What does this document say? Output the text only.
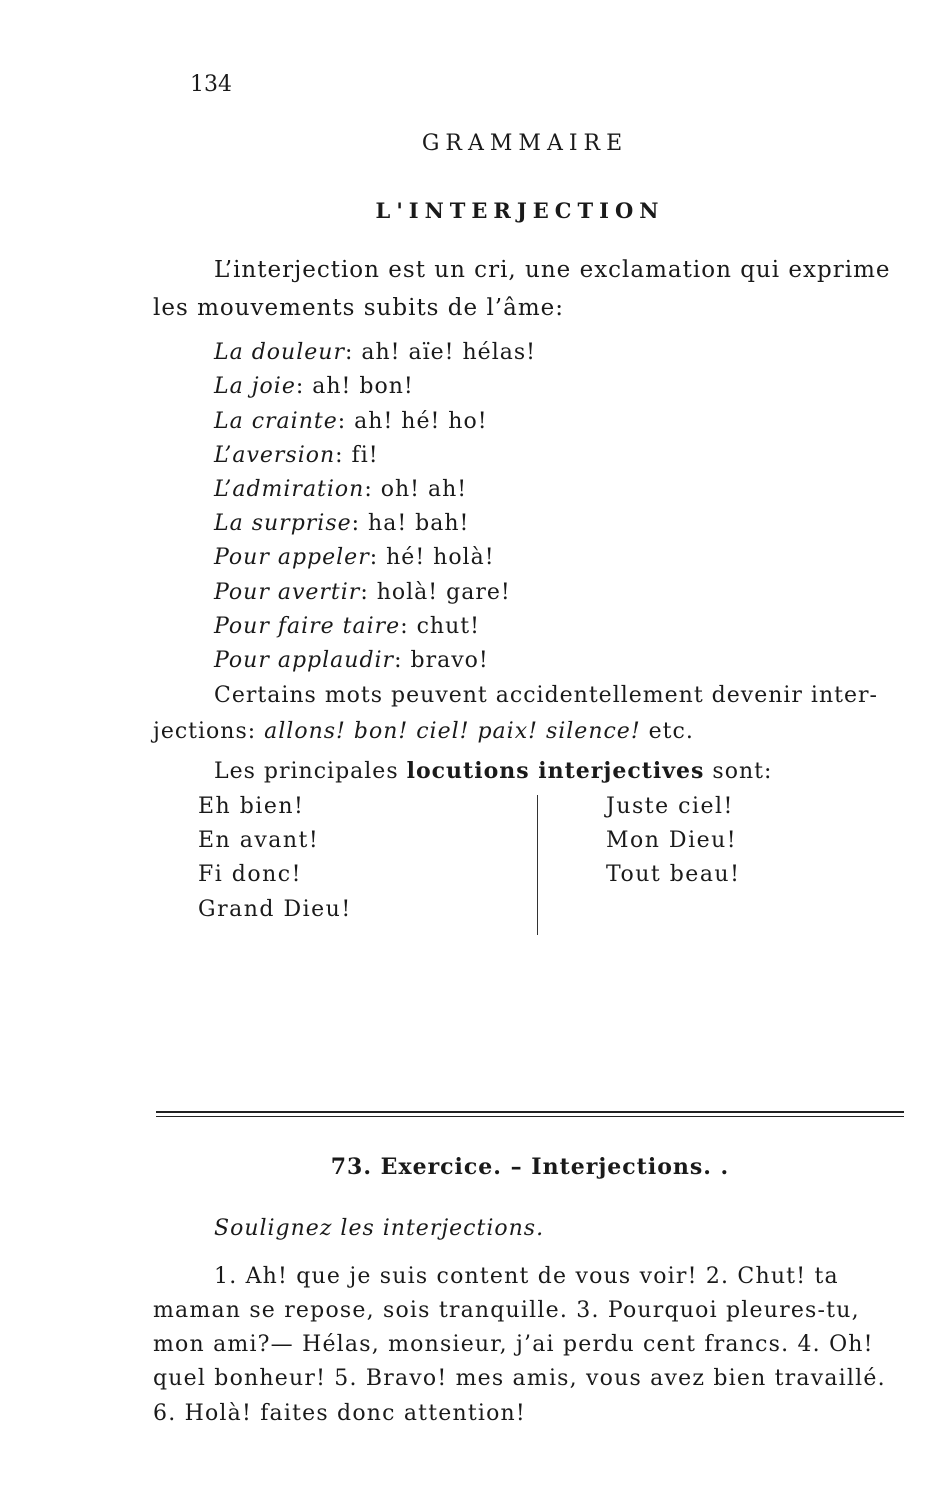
134
GRAMMAIRE
L'INTERJECTION
L’interjection est un cri, une exclamation qui exprime
les mouvements subits de l’âme:
La douleur: ah! aïe! hélas!
La joie: ah! bon!
La crainte: ah! hé! ho!
L’aversion: fi!
L’admiration: oh! ah!
La surprise: ha! bah!
Pour appeler: hé! holà!
Pour avertir: holà! gare!
Pour faire taire: chut!
Pour applaudir: bravo!
Certains mots peuvent accidentellement devenir inter-
jections: allons! bon! ciel! paix! silence! etc.
Les principales locutions interjectives sont:
Eh bien!
En avant!
Fi donc!
Grand Dieu!
Juste ciel!
Mon Dieu!
Tout beau!
73. Exercice. – Interjections. .
Soulignez les interjections.
1. Ah! que je suis content de vous voir! 2. Chut! ta
maman se repose, sois tranquille. 3. Pourquoi pleures-tu,
mon ami?— Hélas, monsieur, j’ai perdu cent francs. 4. Oh!
quel bonheur! 5. Bravo! mes amis, vous avez bien travaillé.
6. Holà! faites donc attention!
